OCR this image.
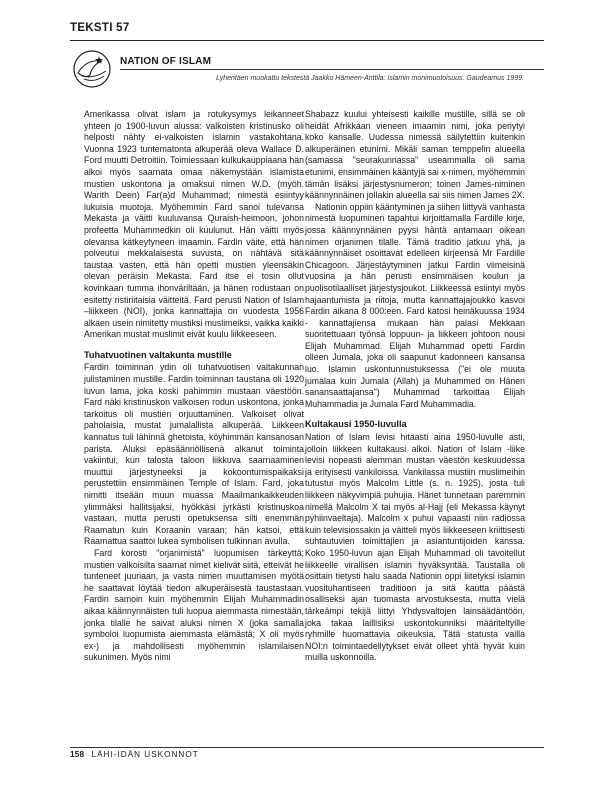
TEKSTI 57
NATION OF ISLAM
Lyhentäen muokattu tekstestä Jaakko Hämeen-Anttila: Islamin monimuotoisuus. Gaudeamus 1999.

Amerikassa olivat islam ja rotukysymys leikanneet yhteen jo 1900-luvun alussa: valkoisten kristinusko oli helposti nähty ei-valkoisten islamin vastakohtana. Vuonna 1923 tuntematonta alkuperää oleva Wallace D. Ford muutti Detroitiin. Toimiessaan kulkukauppiaana hän alkoi myös saarnata omaa näkemystään islamista mustien uskontona ja omaksui nimen W.D. (myöh. Warith Deen) Far(a)d Muhammad; nimestä esiintyy lukuisia muotoja. Myöhemmin Fard sanoi tulevansa Mekasta ja väitti kuuluvansa Quraish-heimoon, johon profeetta Muhammedkin oli kuulunut. Hän väitti myös olevansa kätkeytyneen imaamin. Fardin väite, että hän polveutui mekkalaisesta suvusta, on nähtävä sitä taustaa vasten, että hän opetti mustien yleensäkin olevan peräisin Mekasta. Fard itse ei tosin ollut kovinkaan tumma ihonväriltään, ja hänen rodustaan on esitetty ristiriitaisia väitteitä. Fard perusti Nation of Islam –liikkeen (NOI), jonka kannattajia on vuodesta 1956 alkaen usein nimitetty mustiksi muslimeiksi, vaikka kaikki Amerikan mustat muslimit eivät kuulu liikkeeseen.

Tuhatvuotinen valtakunta mustille

Fardin toiminnan ydin oli tuhatvuotisen valtakunnan julistaminen mustille. Fardin toiminnan taustana oli 1920 luvun lama, joka koski pahimmin mustaan väestöön. Fard näki kristinuskon valkoisen rodun uskontona, jonka tarkoitus oli mustien orjuuttaminen. Valkoiset olivat paholaisia, mustat jumalallista alkuperää. Liikkeen kannatus tuli lähinnä ghetoista, köyhimmän kansanosan parista. Aluksi epäsäännöllisenä alkanut toiminta vakiintui, kun talosta taloon liikkuva saarnaaminen muuttui järjestyneeksi ja kokoontumispaikaksi perustettiin ensimmäinen Temple of Islam. Fard, joka nimitti itseään muun muassa Maailmankaikkeuden ylimmäksi hallitsijaksi, hyökkäsi jyrkästi kristinuskoa vastaan, mutta perusti opetuksensa silti enemmän Raamatun kuin Koraanin varaan; hän katsoi, että Raamattua saattoi lukea symbolisen tulkinnan avulla.

Fard korosti "orjanimistä" luopumisen tärkeyttä; mustien valkoisilta saamat nimet kielivät siitä, etteivät he tunteneet juuriaan, ja vasta nimen muuttamisen myötä he saattavat löytää tiedon alkuperäisestä taustastaan. Fardin samoin kuin myöhemmin Elijah Muhammadin aikaa käännynnäisten tuli luopua aiemmasta nimestään, jonka tilalle he saivat aluksi nimen X (joka samalla symboloi luopumista aiemmasta elämästä; X oli myös ex-) ja mahdollisesti myöhemmin islamilaisen sukunimen. Myös nimi

Shabazz kuului yhteisesti kaikille mustille, sillä se oli heidät Afrikkaan vieneen imaamin nimi, joka periytyi koko kansalle. Uudessa nimessä säilytettiin kuitenkin alkuperäinen etunimi. Mikäli saman temppelin alueella (samassa "seurakunnassa" useammalla oli sama etunimi, ensimmäinen kääntyjä sai x-nimen, myöhemmin tämän lisäksi järjestysnumeron; toinen James-niminen käännynnäinen jollakin alueella sai siis nimen James 2X.

Nationin oppiin kääntyminen ja siihen liittyvä vanhasta nimestä luopuminen tapahtui kirjoittamalla Fardille kirje, jossa käännynnäinen pyysi häntä antamaan oikean nimen orjanimen tilalle. Tämä traditio jatkuu yhä, ja käännynnäiset osoittavat edelleen kirjeensä Mr Fardille Chicagoon. Järjestäytyminen jatkui Fardin viimeisinä vuosina ja hän perusti ensimmäisen koulun ja puolisotilaalliset järjestysjoukot. Liikkeessä esiintyi myös hajaantumista ja riitoja, mutta kannattajajoukko kasvoi Fardin aikana 8 000:een. Fard katosi heinäkuussa 1934 - kannattajiensa mukaan hän palasi Mekkaan suoritettuaan työnsä loppuun- ja liikkeen johtoon nousi Elijah Muhammad. Elijah Muhammad opetti Fardin olleen Jumala, joka oli saapunut kadonneen kansansa luo. Islamin uskontunnustuksessa ("ei ole muuta jumalaa kuin Jumala (Allah) ja Muhammed on Hänen sanansaattajansa") Muhammad tarkoittaa Elijah Muhammadia ja Jumala Fard Muhammadia.

Kultakausi 1950-luvulla

Nation of Islam levisi hitaasti aina 1950-luvulle asti, jolloin liikkeen kultakausi alkoi. Nation of Islam -liike levisi nopeasti alemman mustan väestön keskuudessa ja erityisesti vankiloissa. Vankilassa mustiin muslimeihin tutustui myös Malcolm Little (s. n. 1925), josta tuli liikkeen näkyvimpiä puhujia. Hänet tunnetaan paremmin nimellä Malcolm X tai myös al-Hajj (eli Mekassa käynyt pyhiinvaeltaja). Malcolm x puhui vapaasti niin radiossa kuin televisiossakin ja väitteli myös liikkeeseen kriittisesti suhtautuvien toimittajien ja asiantuntijoiden kanssa. Koko 1950-luvun ajan Elijah Muhammad oli tavoitellut liikkeelle virallisen islamin hyväksyntää. Taustalla oli osittain tietysti halu saada Nationin oppi liitetyksi islamin vuosituhantiseen traditioon ja sitä kautta päästä osalliseksi ajan tuomasta arvostuksesta, mutta vielä tärkeämpi tekijä liittyi Yhdysvaltojen lainsäädäntöön, joka takaa laillisiksi uskontokunniksi määriteltyille ryhmille huomattavia oikeuksia. Tätä statusta vailla NOI:n toimintaedellytykset eivät olleet yhtä hyvät kuin muilla uskonnoilla.

158 LÄHI-IDÄN USKONNOT
